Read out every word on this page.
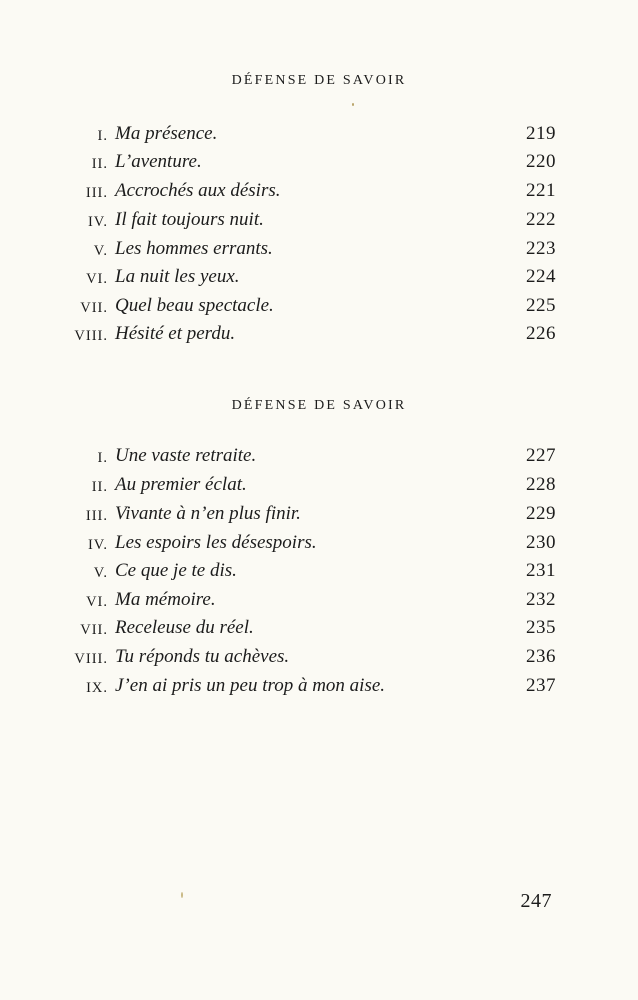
DÉFENSE DE SAVOIR
I. Ma présence.	219
II. L’aventure.	220
III. Accrochés aux désirs.	221
IV. Il fait toujours nuit.	222
V. Les hommes errants.	223
VI. La nuit les yeux.	224
VII. Quel beau spectacle.	225
VIII. Hésité et perdu.	226
DÉFENSE DE SAVOIR
I. Une vaste retraite.	227
II. Au premier éclat.	228
III. Vivante à n’en plus finir.	229
IV. Les espoirs les désespoirs.	230
V. Ce que je te dis.	231
VI. Ma mémoire.	232
VII. Receleuse du réel.	235
VIII. Tu réponds tu achèves.	236
IX. J’en ai pris un peu trop à mon aise.	237
247
